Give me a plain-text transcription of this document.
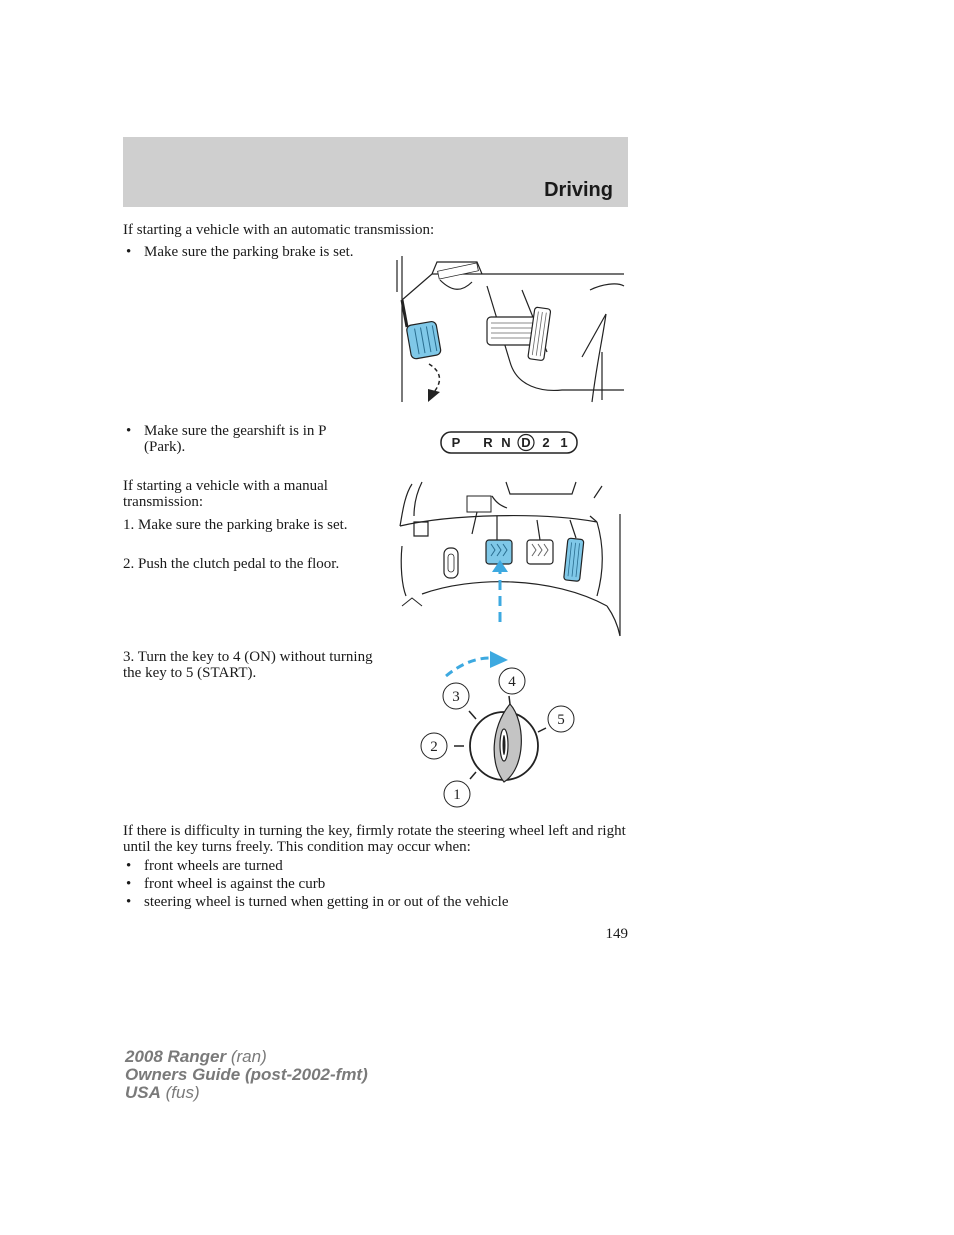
Driving

If starting a vehicle with an automatic transmission:

• Make sure the parking brake is set.
• Make sure the gearshift is in P (Park).	P R N D 2 1

If starting a vehicle with a manual transmission:

1. Make sure the parking brake is set.

2. Push the clutch pedal to the floor.

3. Turn the key to 4 (ON) without turning the key to 5 (START).

1
2
3
4
5

If there is difficulty in turning the key, firmly rotate the steering wheel left and right until the key turns freely. This condition may occur when:

• front wheels are turned
• front wheel is against the curb
• steering wheel is turned when getting in or out of the vehicle
149
2008 Ranger (ran)
Owners Guide (post-2002-fmt)
USA (fus)
